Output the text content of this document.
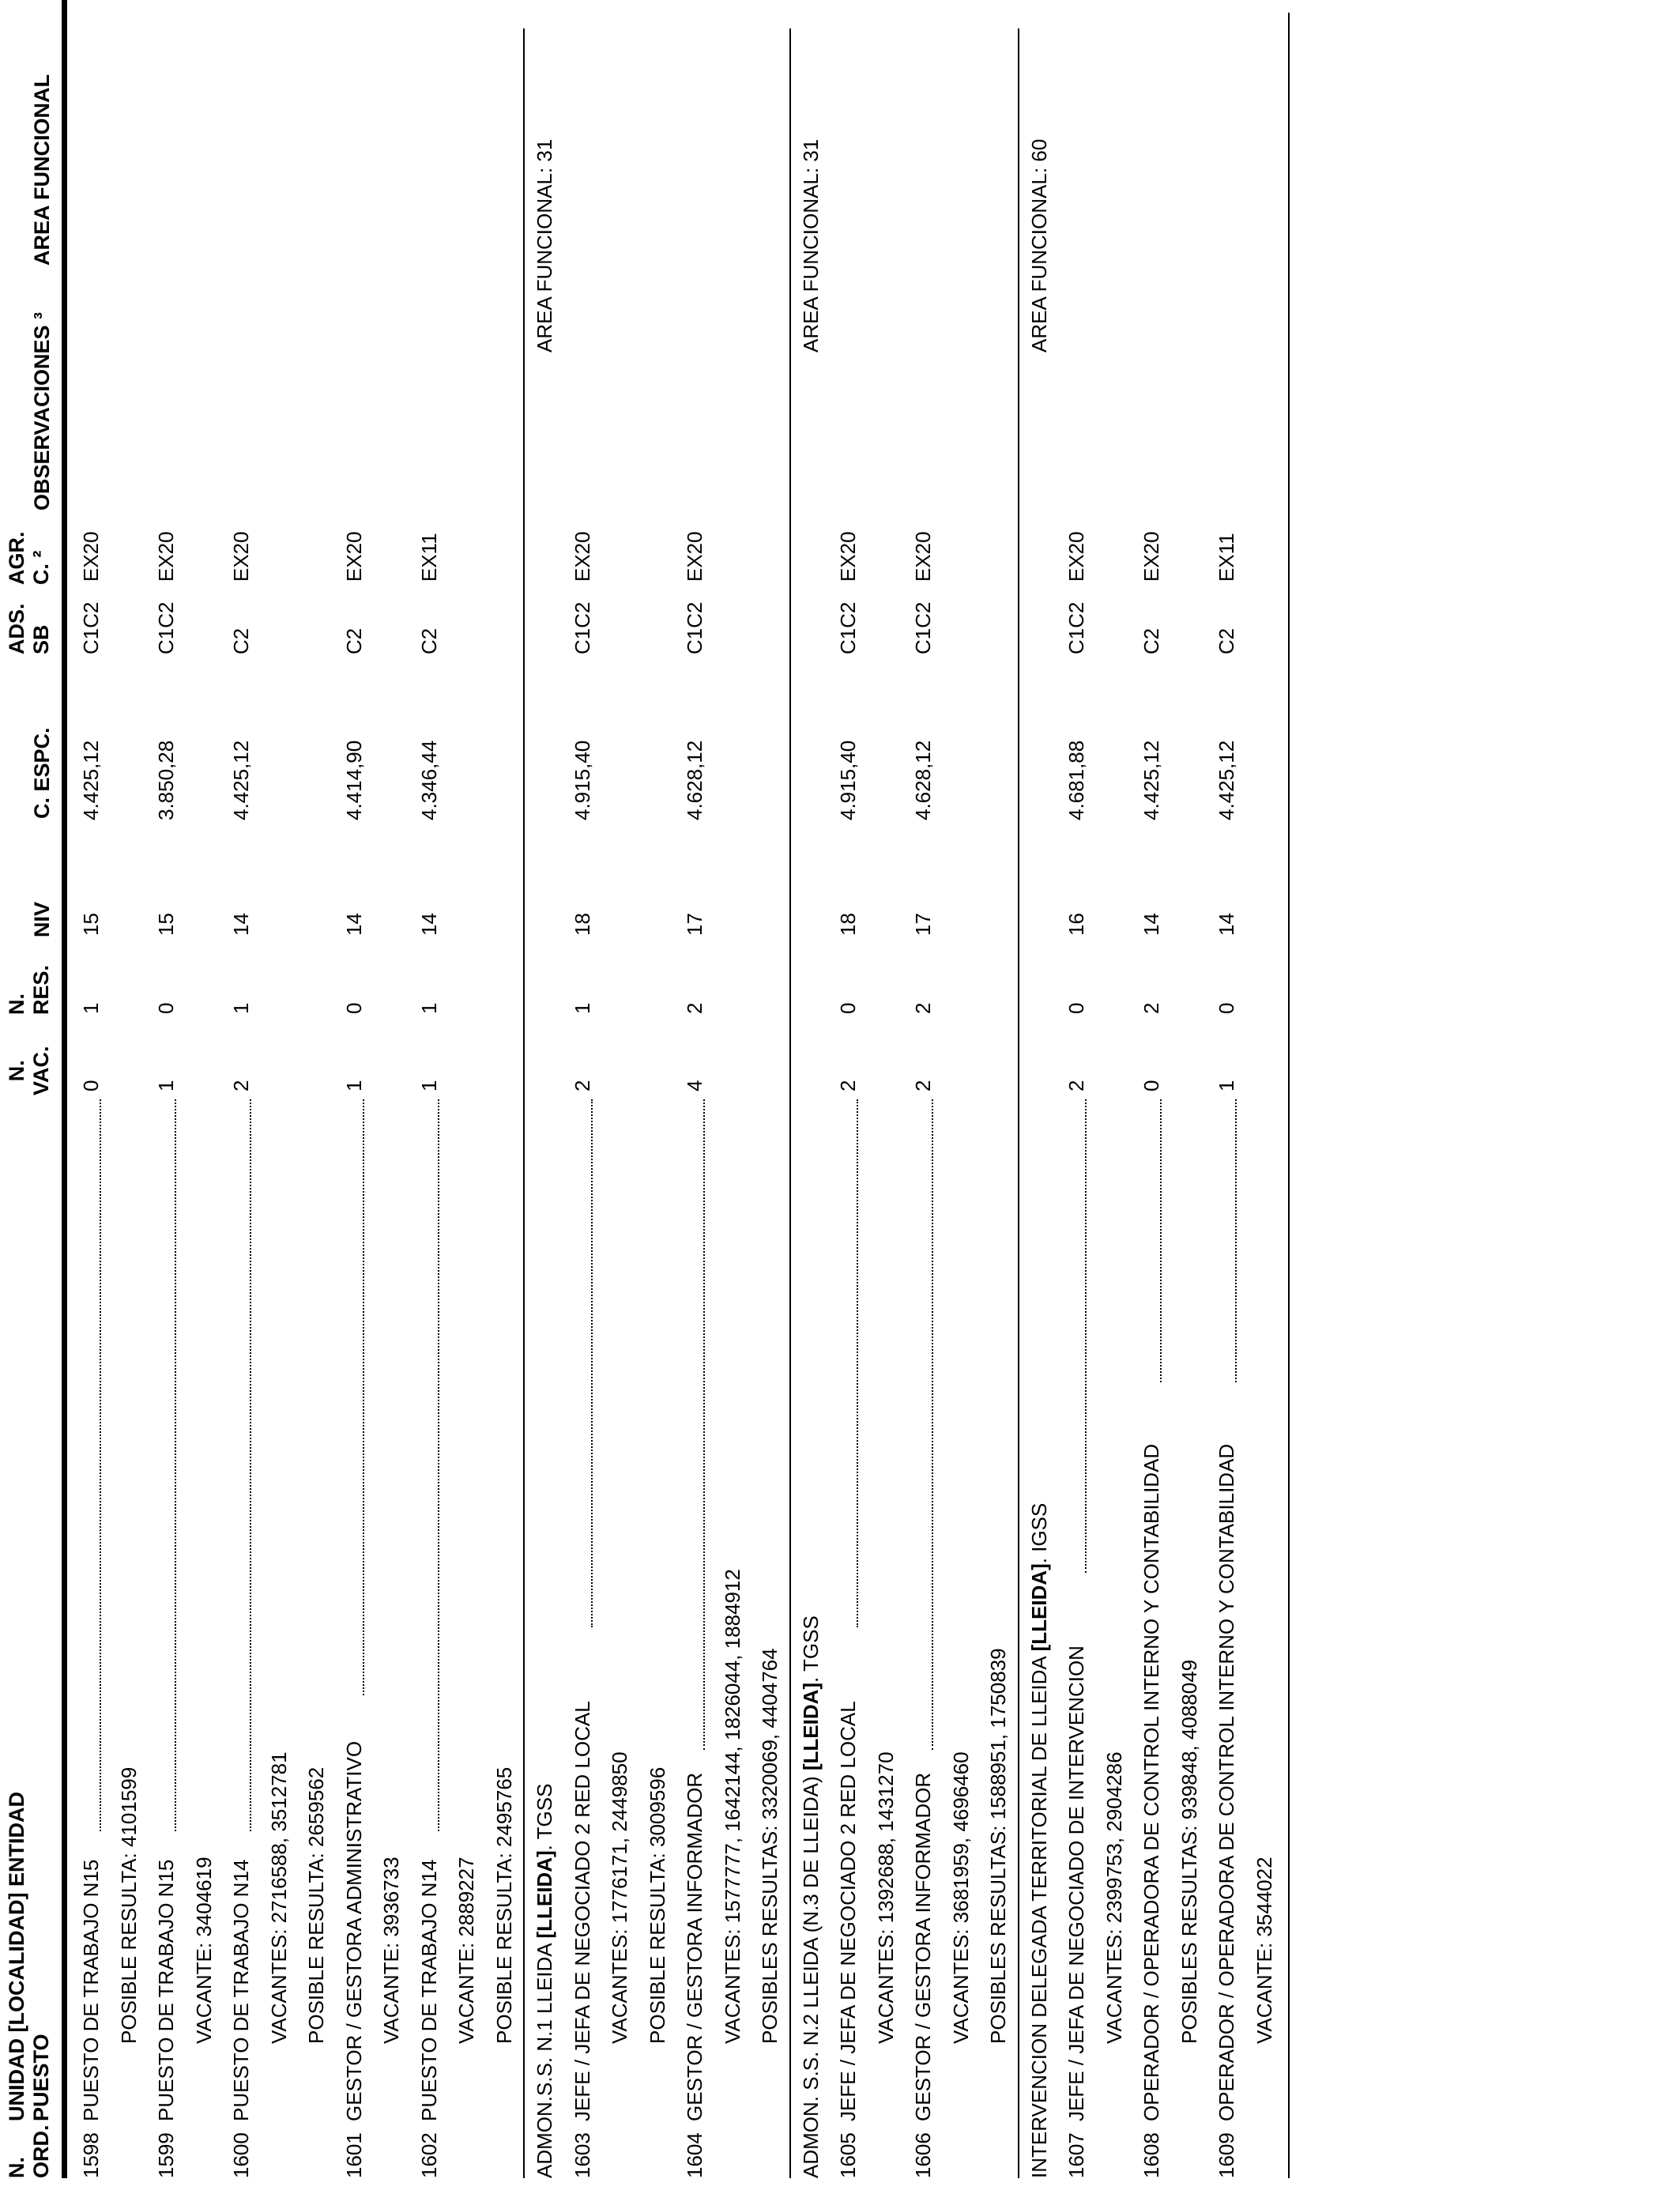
N.
ORD.
UNIDAD [LOCALIDAD] ENTIDAD
PUESTO
N.
VAC.
N.
RES.
NIV
C. ESPC.
ADS.
SB
AGR.
C. ²
OBSERVACIONES ³
AREA FUNCIONAL
1598
PUESTO DE TRABAJO N15
0
1
15
4.425,12
C1C2
EX20
POSIBLE RESULTA: 4101599
1599
PUESTO DE TRABAJO N15
1
0
15
3.850,28
C1C2
EX20
VACANTE: 3404619
1600
PUESTO DE TRABAJO N14
2
1
14
4.425,12
C2
EX20
VACANTES: 2716588, 3512781 POSIBLE RESULTA: 2659562
1601
GESTOR / GESTORA ADMINISTRATIVO
1
0
14
4.414,90
C2
EX20
VACANTE: 3936733
1602
PUESTO DE TRABAJO N14
1
1
14
4.346,44
C2
EX11
VACANTE: 2889227 POSIBLE RESULTA: 2495765
ADMON.S.S. N.1 LLEIDA [LLEIDA]. TGSS
AREA FUNCIONAL: 31
1603
JEFE / JEFA DE NEGOCIADO 2 RED LOCAL
2
1
18
4.915,40
C1C2
EX20
VACANTES: 1776171, 2449850 POSIBLE RESULTA: 3009596
1604
GESTOR / GESTORA INFORMADOR
4
2
17
4.628,12
C1C2
EX20
VACANTES: 1577777, 1642144, 1826044, 1884912 POSIBLES RESULTAS: 3320069, 4404764 ADMON. S.S. N.2 LLEIDA (N.3 DE LLEIDA) [LLEIDA]. TGSS
AREA FUNCIONAL: 31
1605
JEFE / JEFA DE NEGOCIADO 2 RED LOCAL
2
0
18
4.915,40
C1C2
EX20
VACANTES: 1392688, 1431270
1606
GESTOR / GESTORA INFORMADOR
2
2
17
4.628,12
C1C2
EX20
VACANTES: 3681959, 4696460 POSIBLES RESULTAS: 1588951, 1750839 INTERVENCION DELEGADA TERRITORIAL DE LLEIDA [LLEIDA]. IGSS
AREA FUNCIONAL: 60
1607
JEFE / JEFA DE NEGOCIADO DE INTERVENCION
2
0
16
4.681,88
C1C2
EX20
VACANTES: 2399753, 2904286
1608
OPERADOR / OPERADORA DE CONTROL INTERNO Y CONTABILIDAD
0
2
14
4.425,12
C2
EX20
POSIBLES RESULTAS: 939848, 4088049
1609
OPERADOR / OPERADORA DE CONTROL INTERNO Y CONTABILIDAD
1
0
14
4.425,12
C2
EX11
VACANTE: 3544022
